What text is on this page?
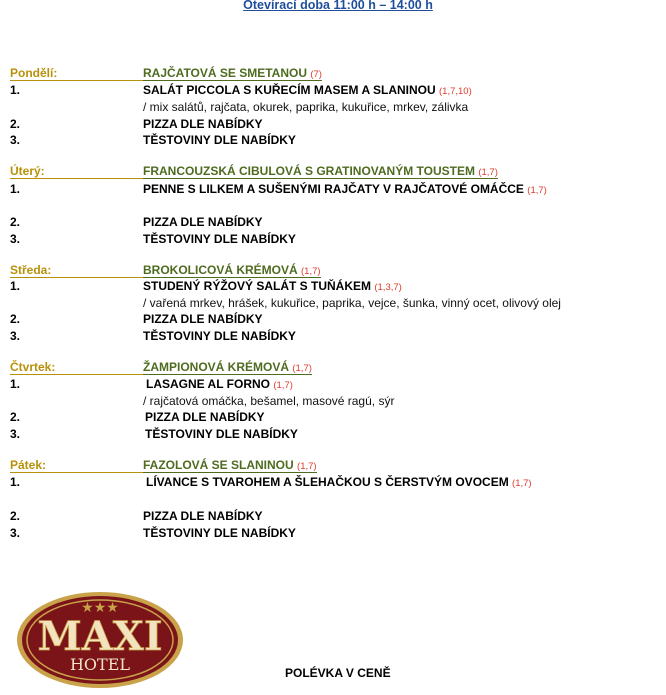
Otevírací doba 11:00 h – 14:00 h
Pondělí:	RAJČATOVÁ SE SMETANOU (7)
1.	SALÁT PICCOLA S KUŘECÍM MASEM A SLANINOU (1,7,10)
/ mix salátů, rajčata, okurek, paprika, kukuřice, mrkev, zálivka
2.	PIZZA DLE NABÍDKY
3.	TĚSTOVINY DLE NABÍDKY
Úterý:	FRANCOUZSKÁ CIBULOVÁ S GRATINOVANÝM TOUSTEM (1,7)
1.	PENNE S LILKEM A SUŠENÝMI RAJČATY V RAJČATOVÉ OMÁČCE (1,7)
2.	PIZZA DLE NABÍDKY
3.	TĚSTOVINY DLE NABÍDKY
Středa:	BROKOLICOVÁ KRÉMOVÁ (1,7)
1.	STUDENÝ RÝŽOVÝ SALÁT S TUŇÁKEM (1,3,7)
/ vařená mrkev, hrášek, kukuřice, paprika, vejce, šunka, vinný ocet, olivový olej
2.	PIZZA DLE NABÍDKY
3.	TĚSTOVINY DLE NABÍDKY
Čtvrtek:	ŽAMPIONOVÁ KRÉMOVÁ (1,7)
1.	LASAGNE AL FORNO (1,7)
/ rajčatová omáčka, bešamel, masové ragú, sýr
2.	PIZZA DLE NABÍDKY
3.	TĚSTOVINY DLE NABÍDKY
Pátek:	FAZOLOVÁ SE SLANINOU (1,7)
1.	LÍVANCE S TVAROHEM A ŠLEHAČKOU S ČERSTVÝM OVOCEM (1,7)
2.	PIZZA DLE NABÍDKY
3.	TĚSTOVINY DLE NABÍDKY
★★★
MAXI
HOTEL	POLÉVKA V CENĚ
